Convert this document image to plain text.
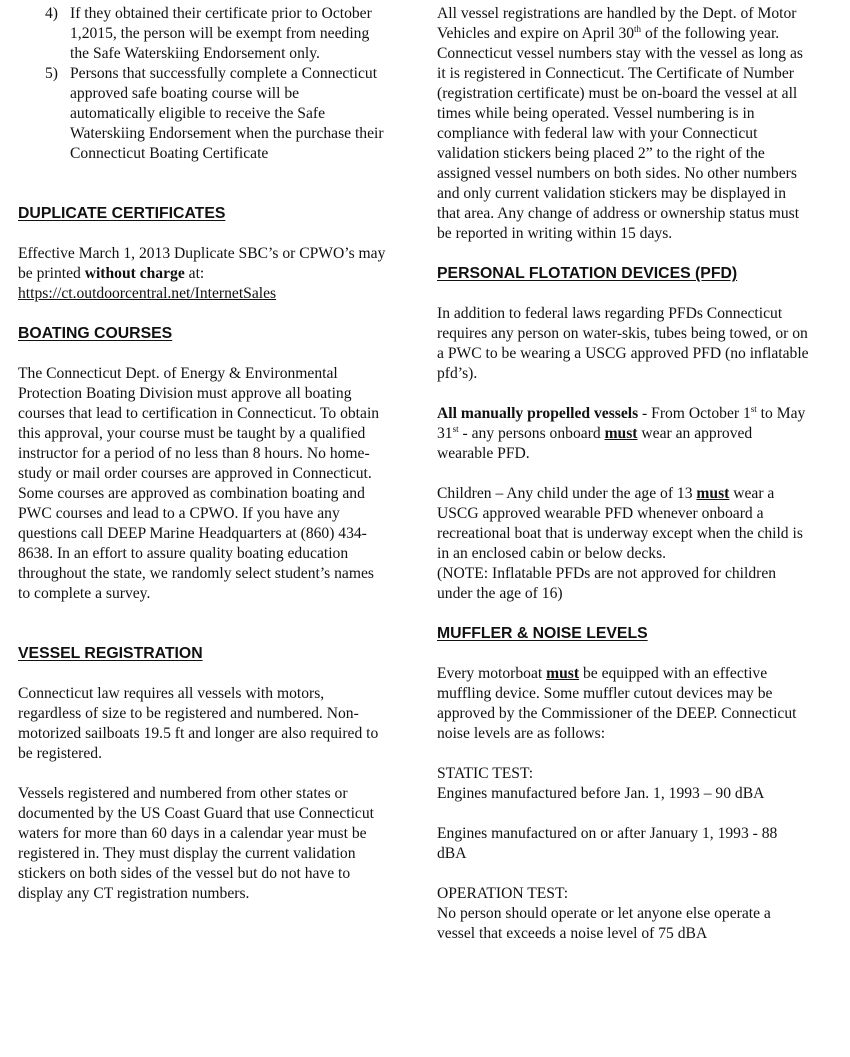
4) If they obtained their certificate prior to October 1,2015, the person will be exempt from needing the Safe Waterskiing Endorsement only.
5) Persons that successfully complete a Connecticut approved safe boating course will be automatically eligible to receive the Safe Waterskiing Endorsement when the purchase their Connecticut Boating Certificate
DUPLICATE CERTIFICATES

Effective March 1, 2013 Duplicate SBC’s or CPWO’s may be printed without charge at:
https://ct.outdoorcentral.net/InternetSales

BOATING COURSES

The Connecticut Dept. of Energy & Environmental Protection Boating Division must approve all boating courses that lead to certification in Connecticut. To obtain this approval, your course must be taught by a qualified instructor for a period of no less than 8 hours. No home-study or mail order courses are approved in Connecticut. Some courses are approved as combination boating and PWC courses and lead to a CPWO. If you have any questions call DEEP Marine Headquarters at (860) 434-8638. In an effort to assure quality boating education throughout the state, we randomly select student’s names to complete a survey.

VESSEL REGISTRATION

Connecticut law requires all vessels with motors, regardless of size to be registered and numbered. Non-motorized sailboats 19.5 ft and longer are also required to be registered.

Vessels registered and numbered from other states or documented by the US Coast Guard that use Connecticut waters for more than 60 days in a calendar year must be registered in. They must display the current validation stickers on both sides of the vessel but do not have to display any CT registration numbers.

All vessel registrations are handled by the Dept. of Motor Vehicles and expire on April 30th of the following year. Connecticut vessel numbers stay with the vessel as long as it is registered in Connecticut. The Certificate of Number (registration certificate) must be on-board the vessel at all times while being operated. Vessel numbering is in compliance with federal law with your Connecticut validation stickers being placed 2” to the right of the assigned vessel numbers on both sides. No other numbers and only current validation stickers may be displayed in that area. Any change of address or ownership status must be reported in writing within 15 days.

PERSONAL FLOTATION DEVICES (PFD)

In addition to federal laws regarding PFDs Connecticut requires any person on water-skis, tubes being towed, or on a PWC to be wearing a USCG approved PFD (no inflatable pfd’s).

All manually propelled vessels - From October 1st to May 31st - any persons onboard must wear an approved wearable PFD.

Children – Any child under the age of 13 must wear a USCG approved wearable PFD whenever onboard a recreational boat that is underway except when the child is in an enclosed cabin or below decks.
(NOTE: Inflatable PFDs are not approved for children under the age of 16)

MUFFLER & NOISE LEVELS

Every motorboat must be equipped with an effective muffling device. Some muffler cutout devices may be approved by the Commissioner of the DEEP. Connecticut noise levels are as follows:

STATIC TEST:
Engines manufactured before Jan. 1, 1993 – 90 dBA

Engines manufactured on or after January 1, 1993 - 88 dBA

OPERATION TEST:
No person should operate or let anyone else operate a vessel that exceeds a noise level of 75 dBA
